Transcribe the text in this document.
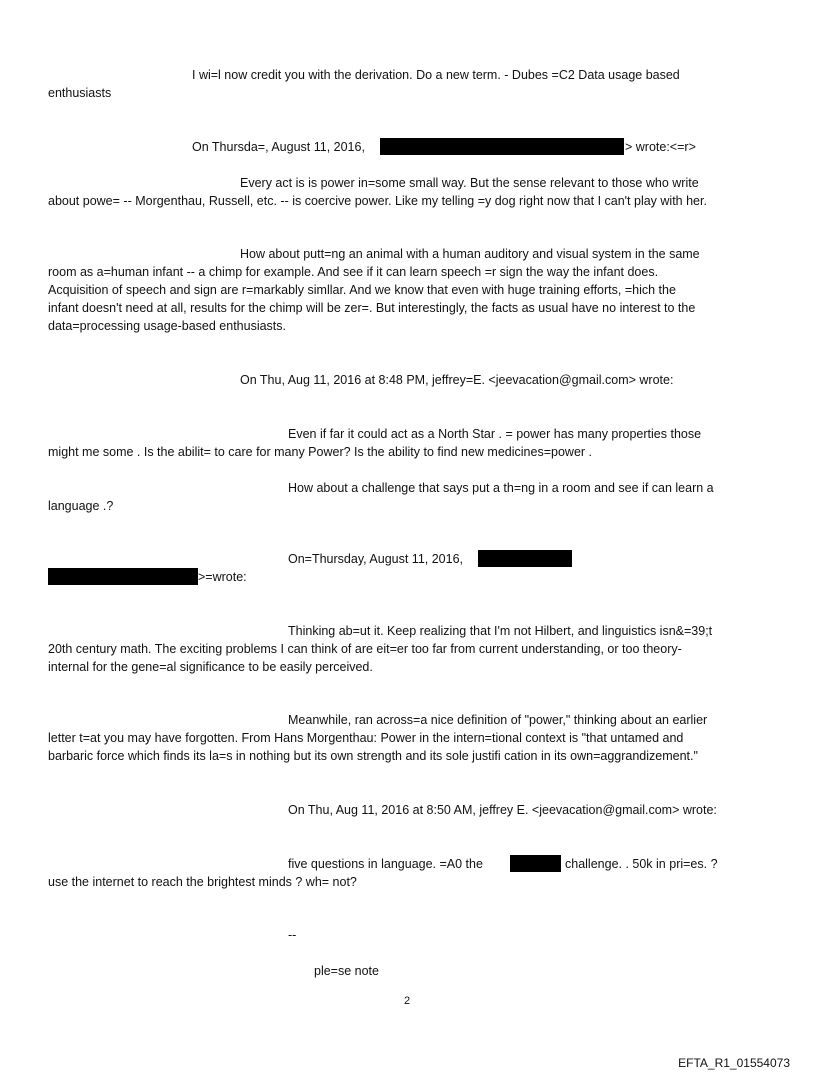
I wi=l now credit you with the derivation. Do a new term. - Dubes =C2 Data usage based
enthusiasts
On Thursda=, August 11, 2016,	> wrote:<=r>
Every act is is power in=some small way. But the sense relevant to those who write
about powe= -- Morgenthau, Russell, etc. -- is coercive power. Like my telling =y dog right now that I can't play with her.
How about putt=ng an animal with a human auditory and visual system in the same
room as a=human infant -- a chimp for example. And see if it can learn speech =r sign the way the infant does.
Acquisition of speech and sign are r=markably simllar. And we know that even with huge training efforts, =hich the
infant doesn't need at all, results for the chimp will be zer=. But interestingly, the facts as usual have no interest to the
data=processing usage-based enthusiasts.
On Thu, Aug 11, 2016 at 8:48 PM, jeffrey=E. <jeevacation@gmail.com> wrote:
Even if far it could act as a North Star . = power has many properties those
might me some . Is the abilit= to care for many Power? Is the ability to find new medicines=power .
How about a challenge that says put a th=ng in a room and see if can learn a
language .?
On=Thursday, August 11, 2016,
>=wrote:
Thinking ab=ut it. Keep realizing that I'm not Hilbert, and linguistics isn&=39;t
20th century math. The exciting problems I can think of are eit=er too far from current understanding, or too theory-
internal for the gene=al significance to be easily perceived.
Meanwhile, ran across=a nice definition of "power," thinking about an earlier
letter t=at you may have forgotten. From Hans Morgenthau: Power in the intern=tional context is "that untamed and
barbaric force which finds its la=s in nothing but its own strength and its sole justifi cation in its own=aggrandizement."
On Thu, Aug 11, 2016 at 8:50 AM, jeffrey E. <jeevacation@gmail.com> wrote:
five questions in language. =A0 the	challenge. . 50k in pri=es. ?
use the internet to reach the brightest minds ? wh= not?
--
ple=se note
2
EFTA_R1_01554073
